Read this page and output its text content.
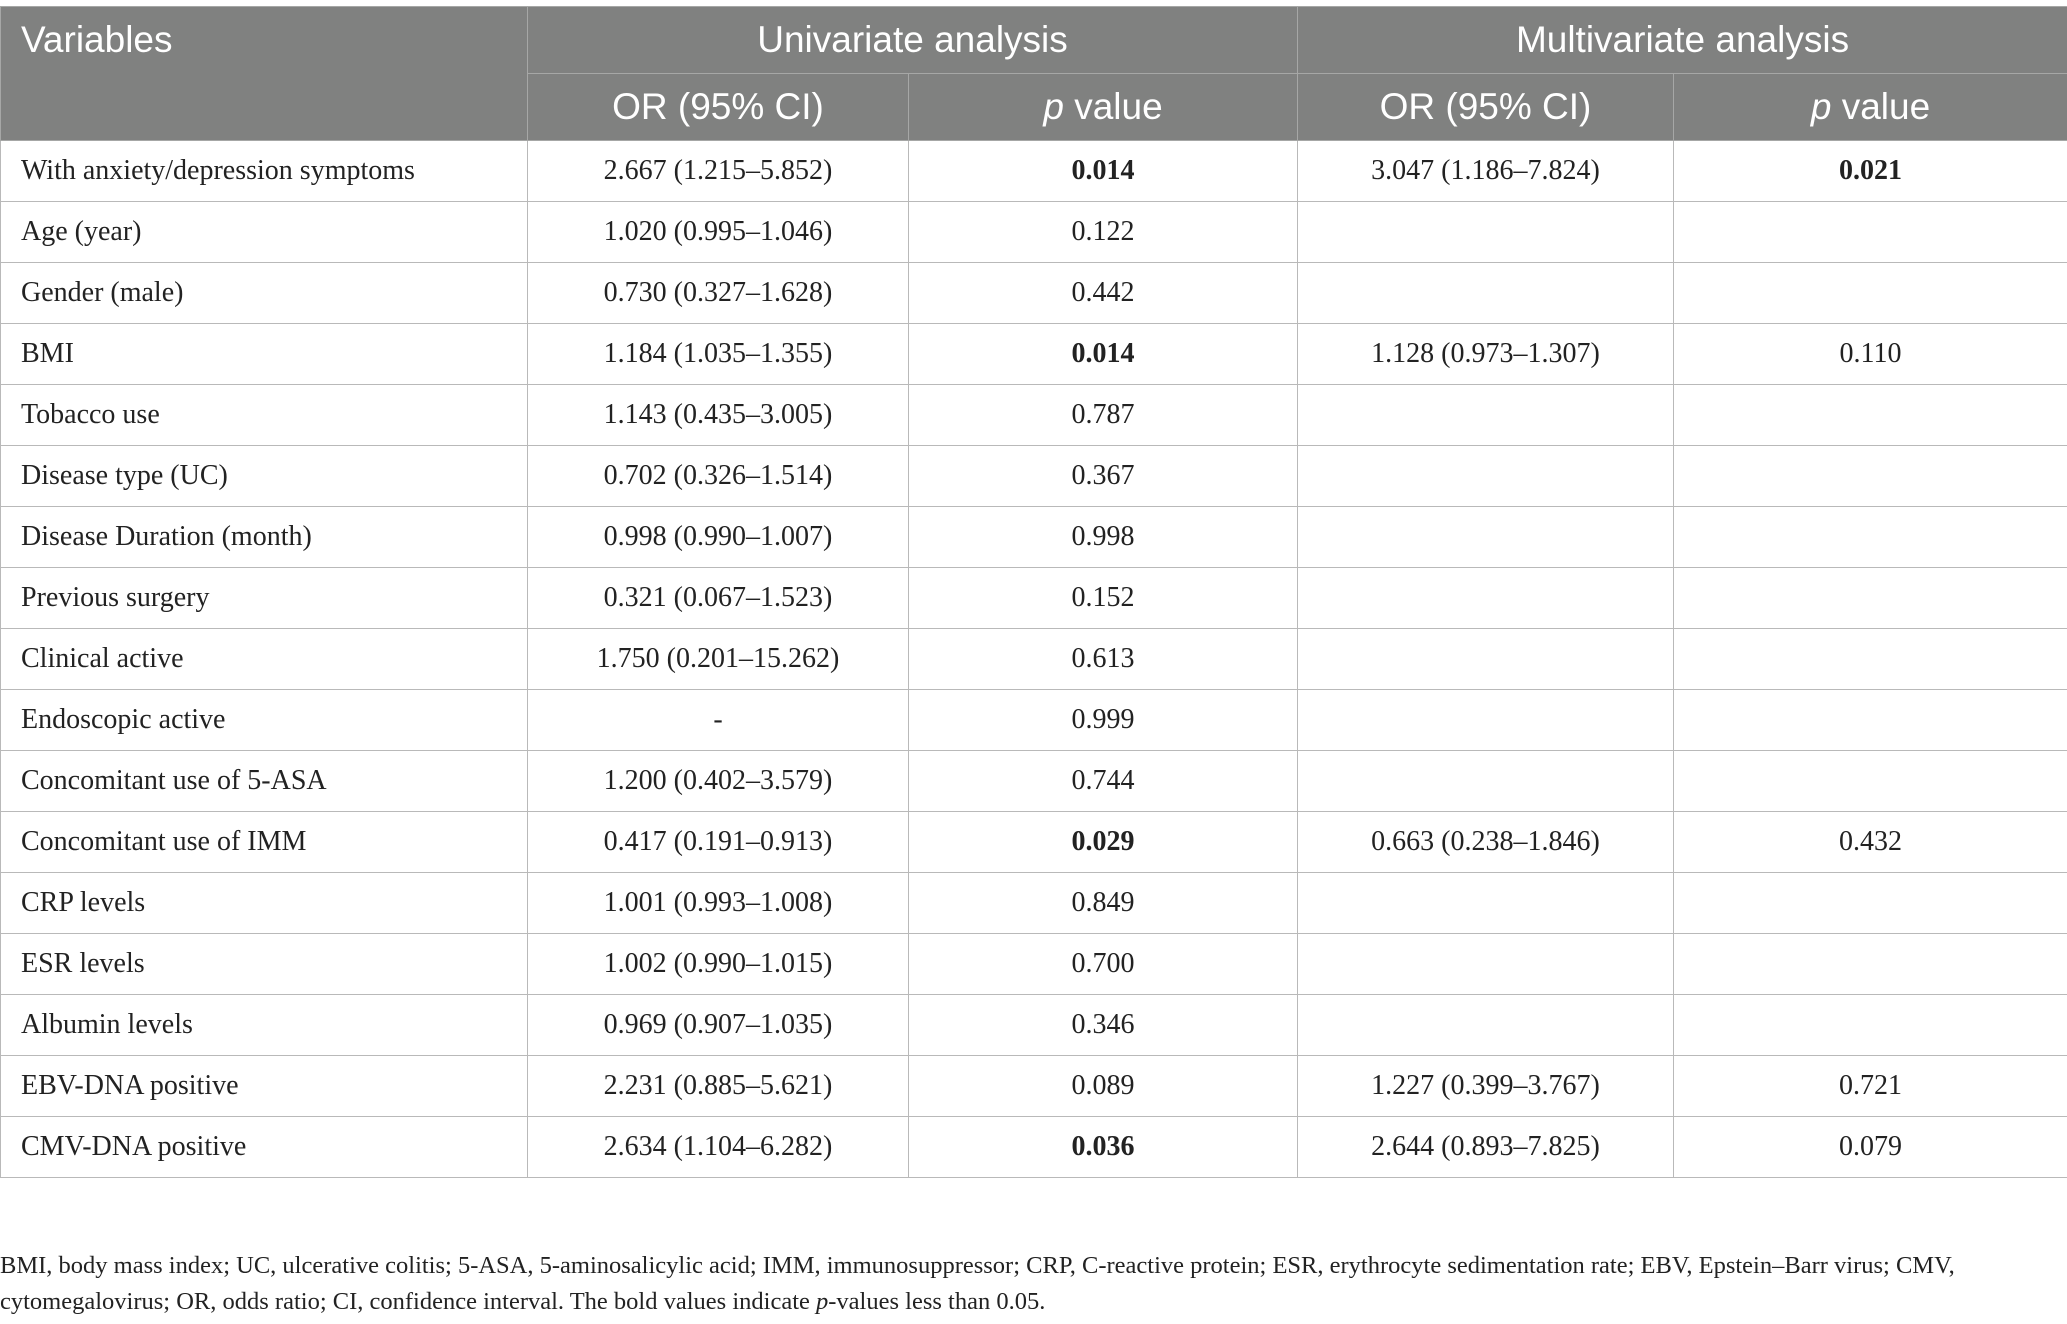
Variables	Univariate analysis		Multivariate analysis	
	OR (95% CI)	p value	OR (95% CI)	p value
With anxiety/depression symptoms	2.667 (1.215–5.852)	0.014	3.047 (1.186–7.824)	0.021
Age (year)	1.020 (0.995–1.046)	0.122		
Gender (male)	0.730 (0.327–1.628)	0.442		
BMI	1.184 (1.035–1.355)	0.014	1.128 (0.973–1.307)	0.110
Tobacco use	1.143 (0.435–3.005)	0.787		
Disease type (UC)	0.702 (0.326–1.514)	0.367		
Disease Duration (month)	0.998 (0.990–1.007)	0.998		
Previous surgery	0.321 (0.067–1.523)	0.152		
Clinical active	1.750 (0.201–15.262)	0.613		
Endoscopic active	-	0.999		
Concomitant use of 5-ASA	1.200 (0.402–3.579)	0.744		
Concomitant use of IMM	0.417 (0.191–0.913)	0.029	0.663 (0.238–1.846)	0.432
CRP levels	1.001 (0.993–1.008)	0.849		
ESR levels	1.002 (0.990–1.015)	0.700		
Albumin levels	0.969 (0.907–1.035)	0.346		
EBV-DNA positive	2.231 (0.885–5.621)	0.089	1.227 (0.399–3.767)	0.721
CMV-DNA positive	2.634 (1.104–6.282)	0.036	2.644 (0.893–7.825)	0.079
BMI, body mass index; UC, ulcerative colitis; 5-ASA, 5-aminosalicylic acid; IMM, immunosuppressor; CRP, C-reactive protein; ESR, erythrocyte sedimentation rate; EBV, Epstein–Barr virus; CMV, cytomegalovirus; OR, odds ratio; CI, confidence interval. The bold values indicate p-values less than 0.05.
